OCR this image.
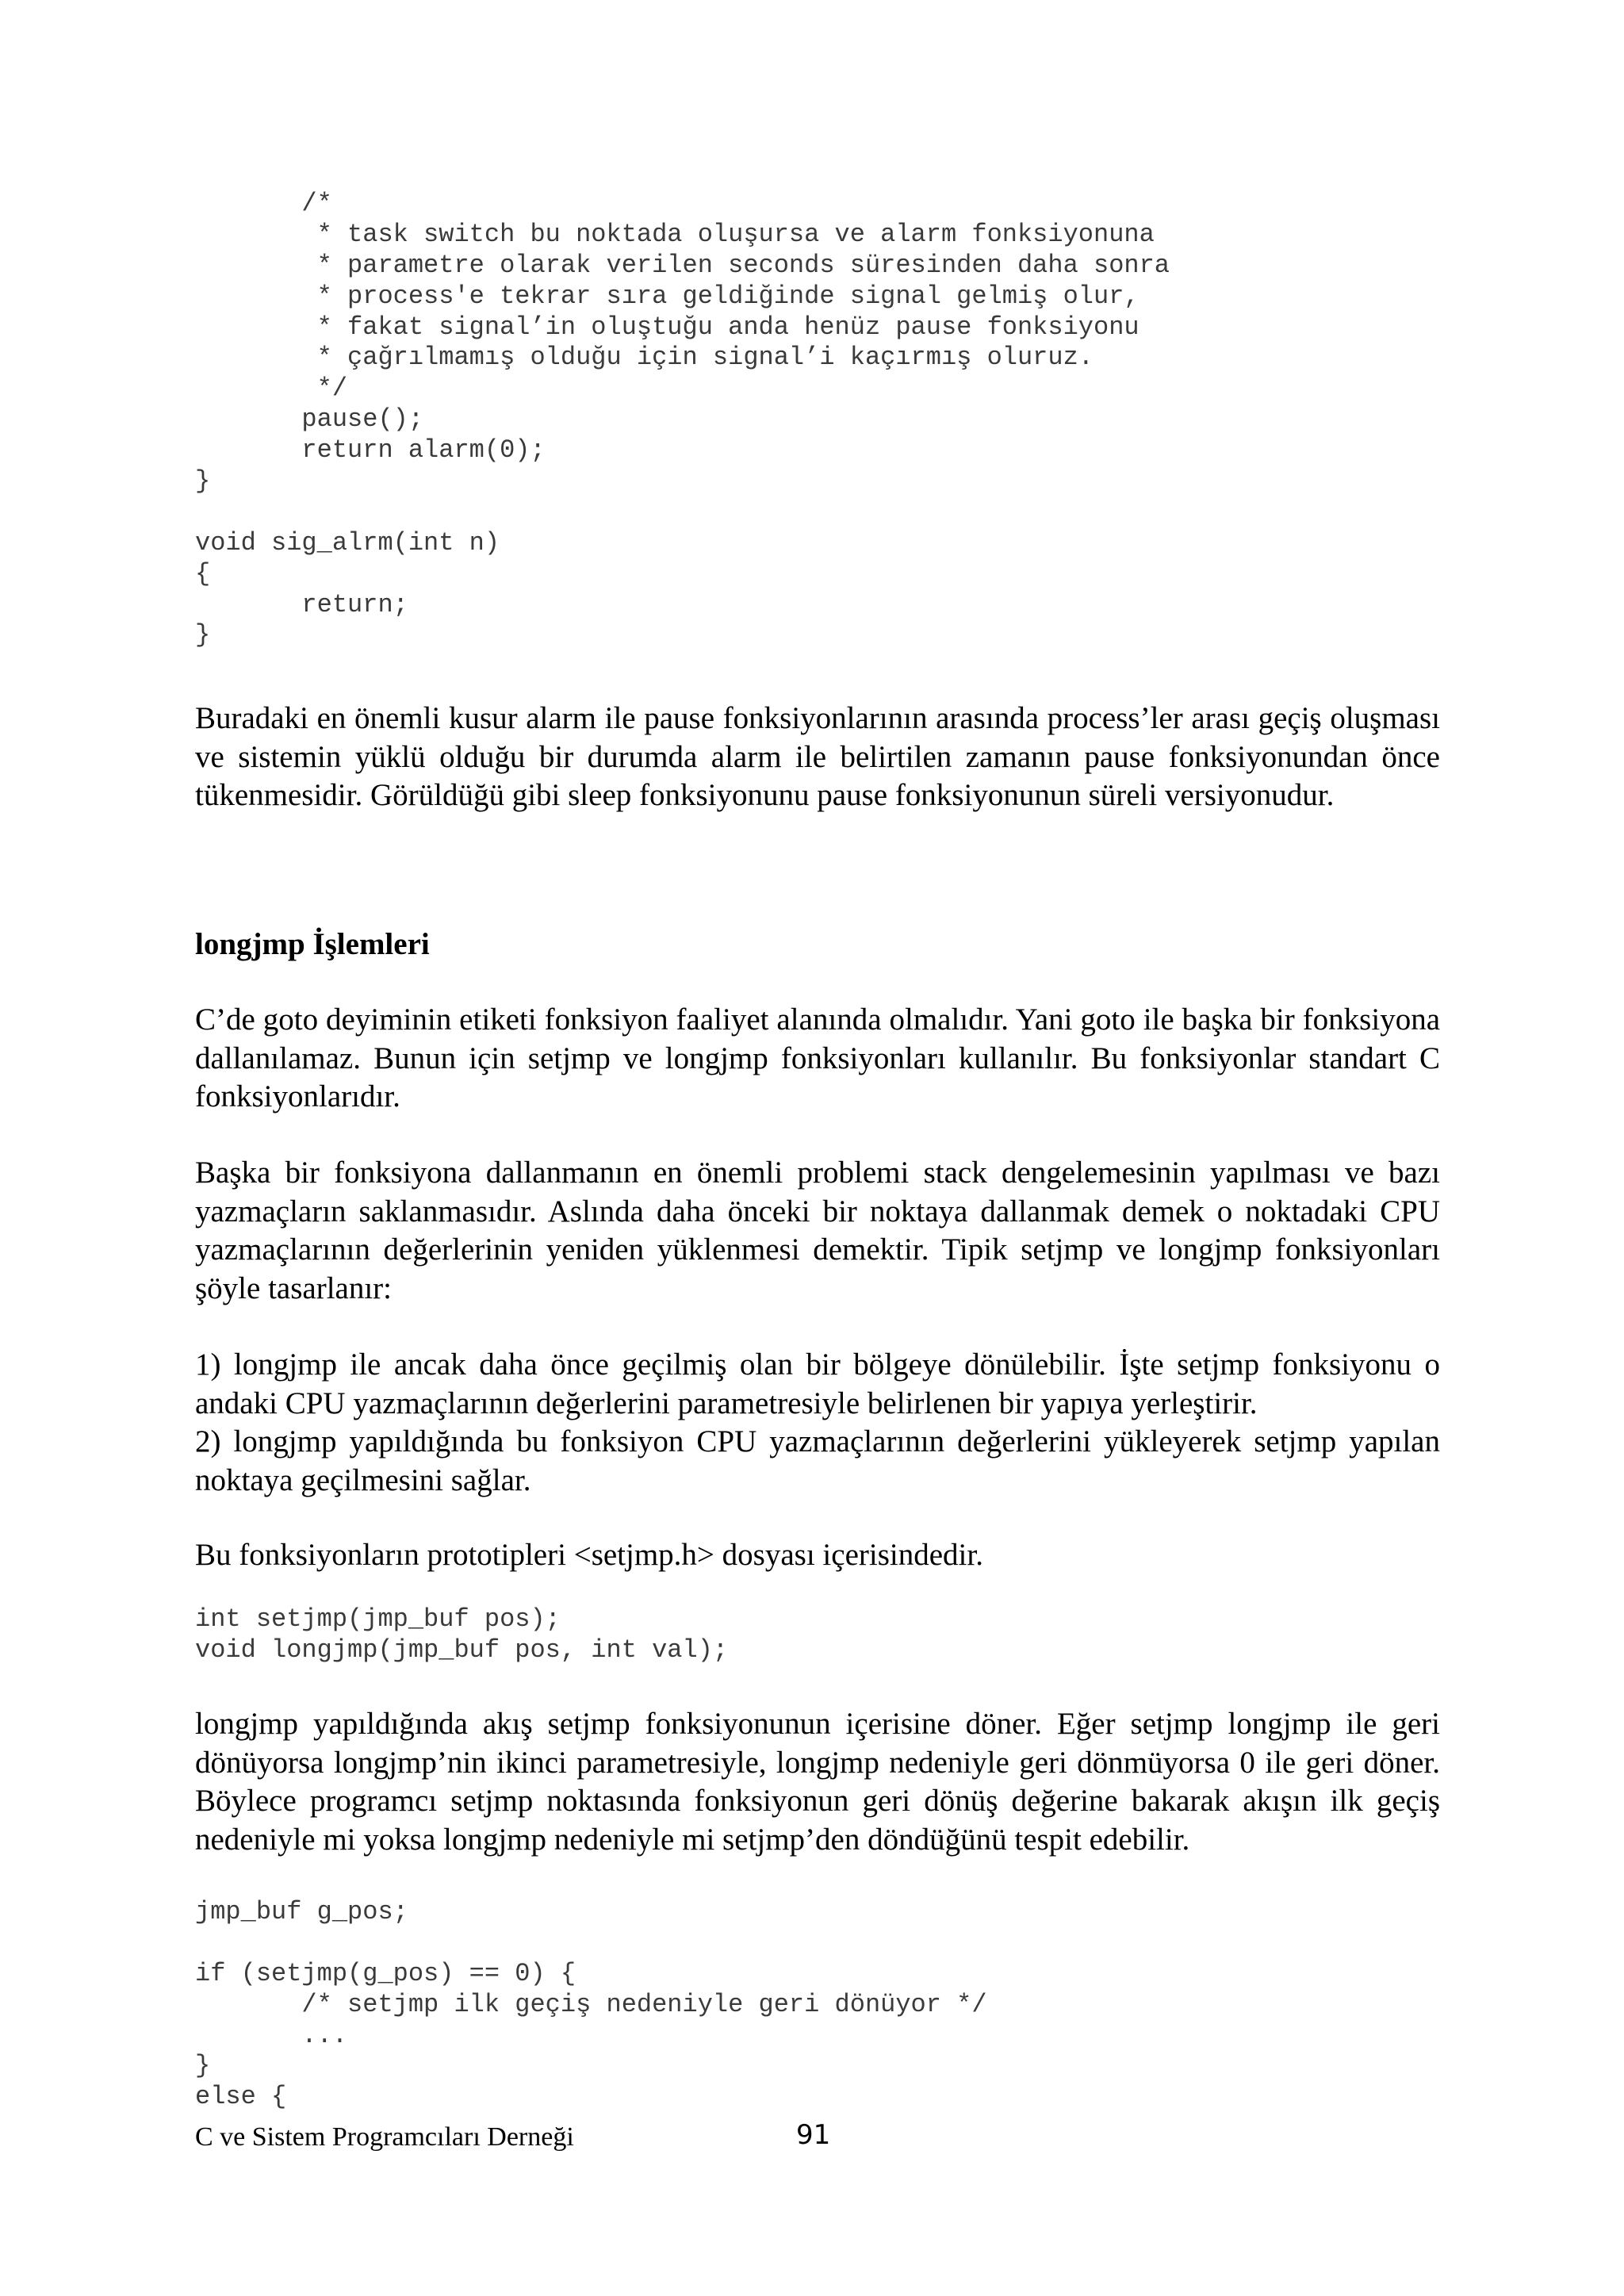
/*
* task switch bu noktada oluşursa ve alarm fonksiyonuna
* parametre olarak verilen seconds süresinden daha sonra
* process'e tekrar sıra geldiğinde signal gelmiş olur,
* fakat signal’in oluştuğu anda henüz pause fonksiyonu
* çağrılmamış olduğu için signal’i kaçırmış oluruz.
*/
pause();
return alarm(0);
}
void sig_alrm(int n)
{
return;
}

Buradaki en önemli kusur alarm ile pause fonksiyonlarının arasında process’ler arası geçiş oluşması ve sistemin yüklü olduğu bir durumda alarm ile belirtilen zamanın pause fonksiyonundan önce tükenmesidir. Görüldüğü gibi sleep fonksiyonunu pause fonksiyonunun süreli versiyonudur.

longjmp İşlemleri

C’de goto deyiminin etiketi fonksiyon faaliyet alanında olmalıdır. Yani goto ile başka bir fonksiyona dallanılamaz. Bunun için setjmp ve longjmp fonksiyonları kullanılır. Bu fonksiyonlar standart C fonksiyonlarıdır.

Başka bir fonksiyona dallanmanın en önemli problemi stack dengelemesinin yapılması ve bazı yazmaçların saklanmasıdır. Aslında daha önceki bir noktaya dallanmak demek o noktadaki CPU yazmaçlarının değerlerinin yeniden yüklenmesi demektir. Tipik setjmp ve longjmp fonksiyonları şöyle tasarlanır:

1) longjmp ile ancak daha önce geçilmiş olan bir bölgeye dönülebilir. İşte setjmp fonksiyonu o andaki CPU yazmaçlarının değerlerini parametresiyle belirlenen bir yapıya yerleştirir.

2) longjmp yapıldığında bu fonksiyon CPU yazmaçlarının değerlerini yükleyerek setjmp yapılan noktaya geçilmesini sağlar.

Bu fonksiyonların prototipleri <setjmp.h> dosyası içerisindedir.

int setjmp(jmp_buf pos);
void longjmp(jmp_buf pos, int val);

longjmp yapıldığında akış setjmp fonksiyonunun içerisine döner. Eğer setjmp longjmp ile geri dönüyorsa longjmp’nin ikinci parametresiyle, longjmp nedeniyle geri dönmüyorsa 0 ile geri döner. Böylece programcı setjmp noktasında fonksiyonun geri dönüş değerine bakarak akışın ilk geçiş nedeniyle mi yoksa longjmp nedeniyle mi setjmp’den döndüğünü tespit edebilir.

jmp_buf g_pos;
if (setjmp(g_pos) == 0) {
/* setjmp ilk geçiş nedeniyle geri dönüyor */
...
}
else {
C ve Sistem Programcıları Derneği	91
